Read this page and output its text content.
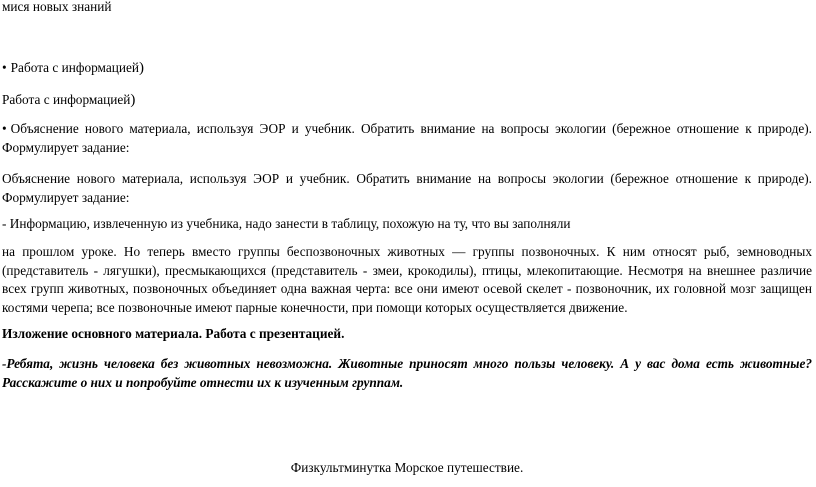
мися новых знаний

• Работа с информацией)

Работа с информацией)

• Объяснение нового материала, используя ЭОР и учебник. Обратить внимание на вопросы экологии (бережное отношение к природе). Формулирует задание:

Объяснение нового материала, используя ЭОР и учебник. Обратить внимание на вопросы экологии (бережное отношение к природе). Формулирует задание:

- Информацию, извлеченную из учебника, надо занести в таблицу, похожую на ту, что вы заполняли

на прошлом уроке. Но теперь вместо группы беспозвоночных животных — группы позвоночных. К ним относят рыб, земноводных (представитель - лягушки), пресмыкающихся (представитель - змеи, крокодилы), птицы, млекопитающие. Несмотря на внешнее различие всех групп животных, позвоночных объединяет одна важная черта: все они имеют осевой скелет - позвоночник, их головной мозг защищен костями черепа; все позвоночные имеют парные конечности, при помощи которых осуществляется движение.

Изложение основного материала. Работа с презентацией.

-Ребята, жизнь человека без животных невозможна. Животные приносят много пользы человеку. А у вас дома есть животные? Расскажите о них и попробуйте отнести их к изученным группам.

Физкультминутка Морское путешествие.
